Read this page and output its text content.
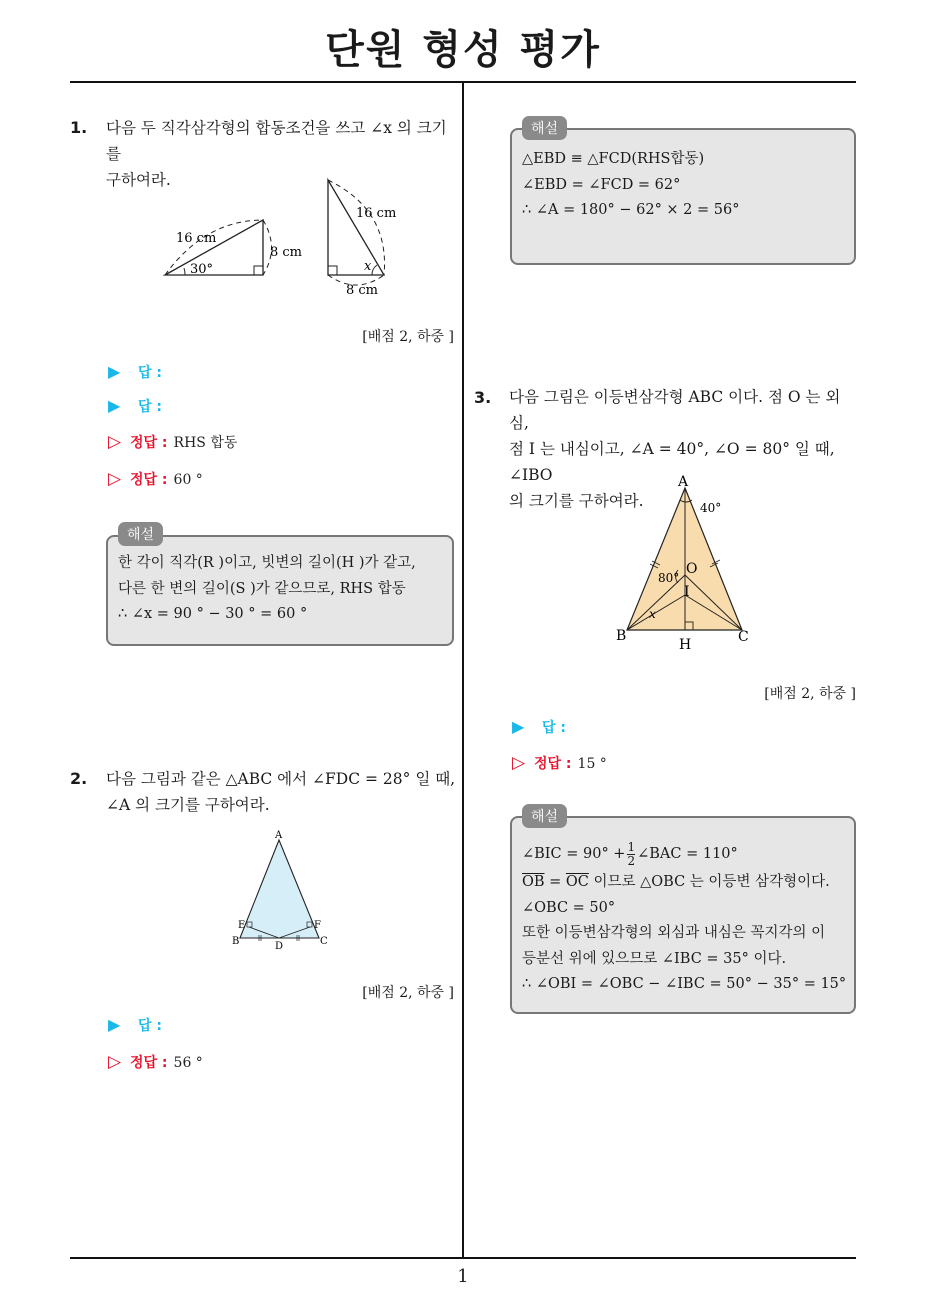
단원 형성 평가
1
1. 다음 두 직각삼각형의 합동조건을 쓰고 ∠x 의 크기를
구하여라.
16 cm
8 cm
30°
16 cm
x
8 cm
[배점 2, 하중 ]
▶ 답 :
▶ 답 :
▷ 정답 : RHS 합동
▷ 정답 : 60 °
해설
한 각이 직각(R )이고, 빗변의 길이(H )가 같고,
다른 한 변의 길이(S )가 같으므로, RHS 합동
∴ ∠x = 90 ° − 30 ° = 60 °
2. 다음 그림과 같은 △ABC 에서 ∠FDC = 28° 일 때,
∠A 의 크기를 구하여라.
A
B	C
D
E	F
[배점 2, 하중 ]
▶ 답 :
▷ 정답 : 56 °
해설
△EBD ≡ △FCD(RHS합동)
∠EBD = ∠FCD = 62°
∴ ∠A = 180° − 62° × 2 = 56°
3. 다음 그림은 이등변삼각형 ABC 이다. 점 O 는 외심,
점 I 는 내심이고, ∠A = 40°, ∠O = 80° 일 때, ∠IBO
의 크기를 구하여라.
A
B	C
H
O
I
40°
80°
x
[배점 2, 하중 ]
▶ 답 :
▷ 정답 : 15 °
해설
∠BIC = $90^\circ + \frac{1}{2}$ ∠BAC = 110°
$\overline{OB} = \overline{OC}$ 이므로 △OBC 는 이등변 삼각형이다.
∠OBC = 50°
또한 이등변삼각형의 외심과 내심은 꼭지각의 이
등분선 위에 있으므로 ∠IBC = 35° 이다.
∴ ∠OBI = ∠OBC − ∠IBC = 50° − 35° = 15°
